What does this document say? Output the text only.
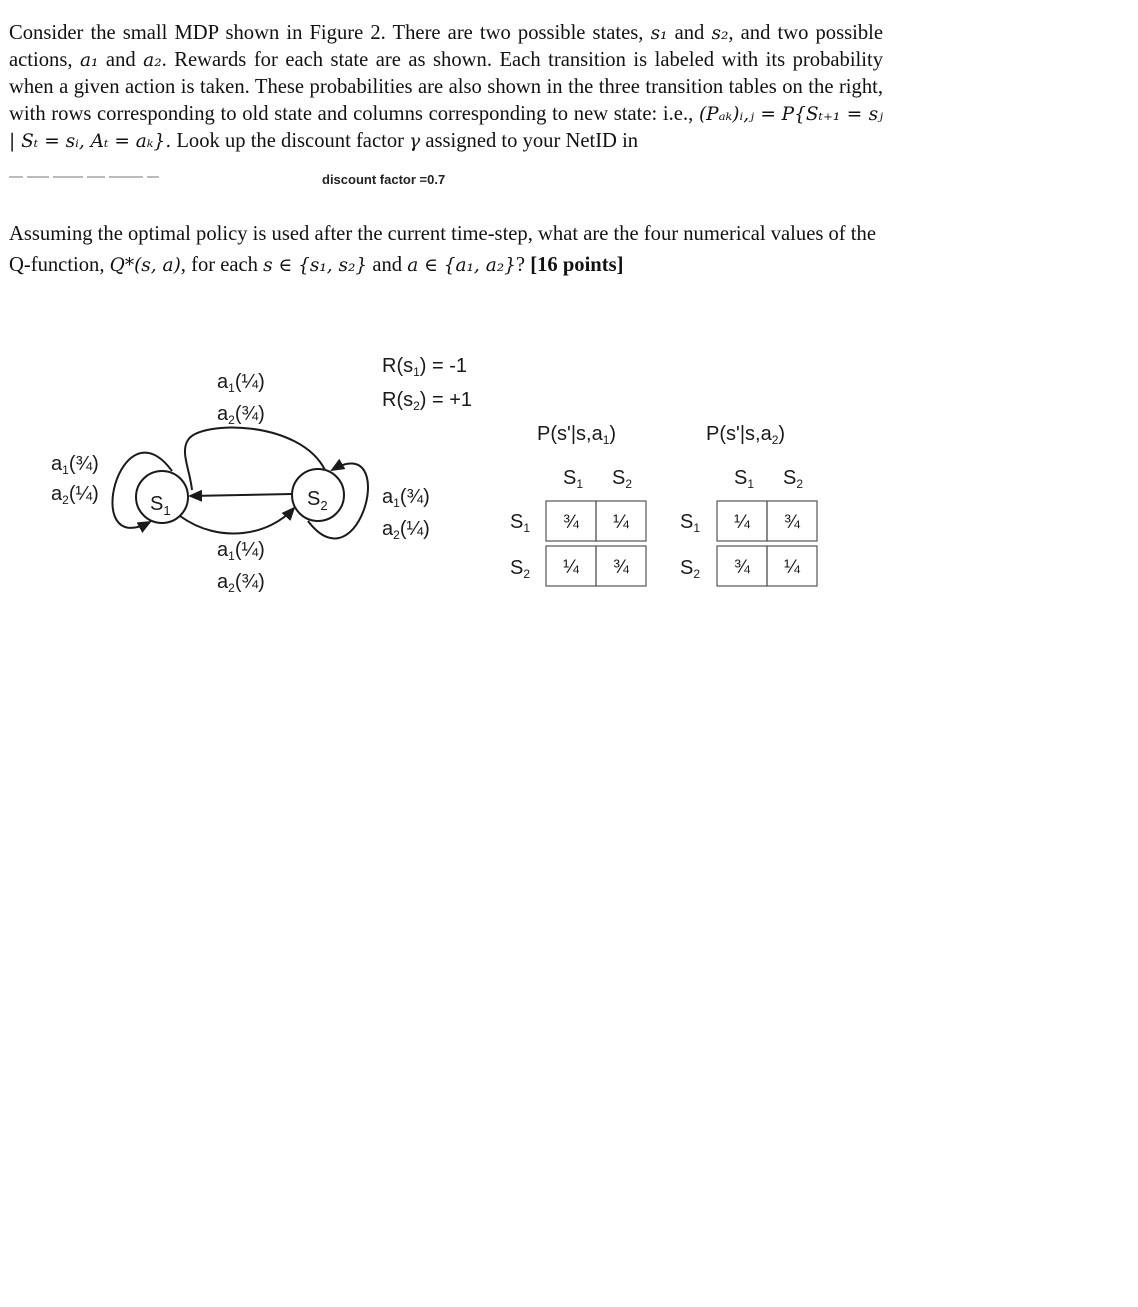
Consider the small MDP shown in Figure 2. There are two possible states, s₁ and s₂, and two possible actions, a₁ and a₂. Rewards for each state are as shown. Each transition is labeled with its probability when a given action is taken. These probabilities are also shown in the three transition tables on the right, with rows corresponding to old state and columns corresponding to new state: i.e., (Pₐₖ)ᵢ,ⱼ = P{Sₜ₊₁ = sⱼ | Sₜ = sᵢ, Aₜ = aₖ}. Look up the discount factor γ assigned to your NetID in
discount factor =0.7
Assuming the optimal policy is used after the current time-step, what are the four numerical values of the Q-function, Q*(s, a), for each s ∈ {s₁, s₂} and a ∈ {a₁, a₂}? [16 points]
$S_1$
$S_2$
$a_1(\frac{1}{4})$
$a_2(\frac{3}{4})$
$a_1(\frac{3}{4})$
$a_2(\frac{1}{4})$	$a_1(\frac{3}{4})$
$a_2(\frac{1}{4})$
$a_1(\frac{1}{4})$
$a_2(\frac{3}{4})$
$R(s_1) = -1$
$R(s_2) = +1$
$P(s'|s,a_1)$
$S_1$ $S_2$
$S_1$
$S_2$
¾ ¼
¼ ¾
$P(s'|s,a_2)$
$S_1$ $S_2$
$S_1$
$S_2$
¼ ¾
¾ ¼
